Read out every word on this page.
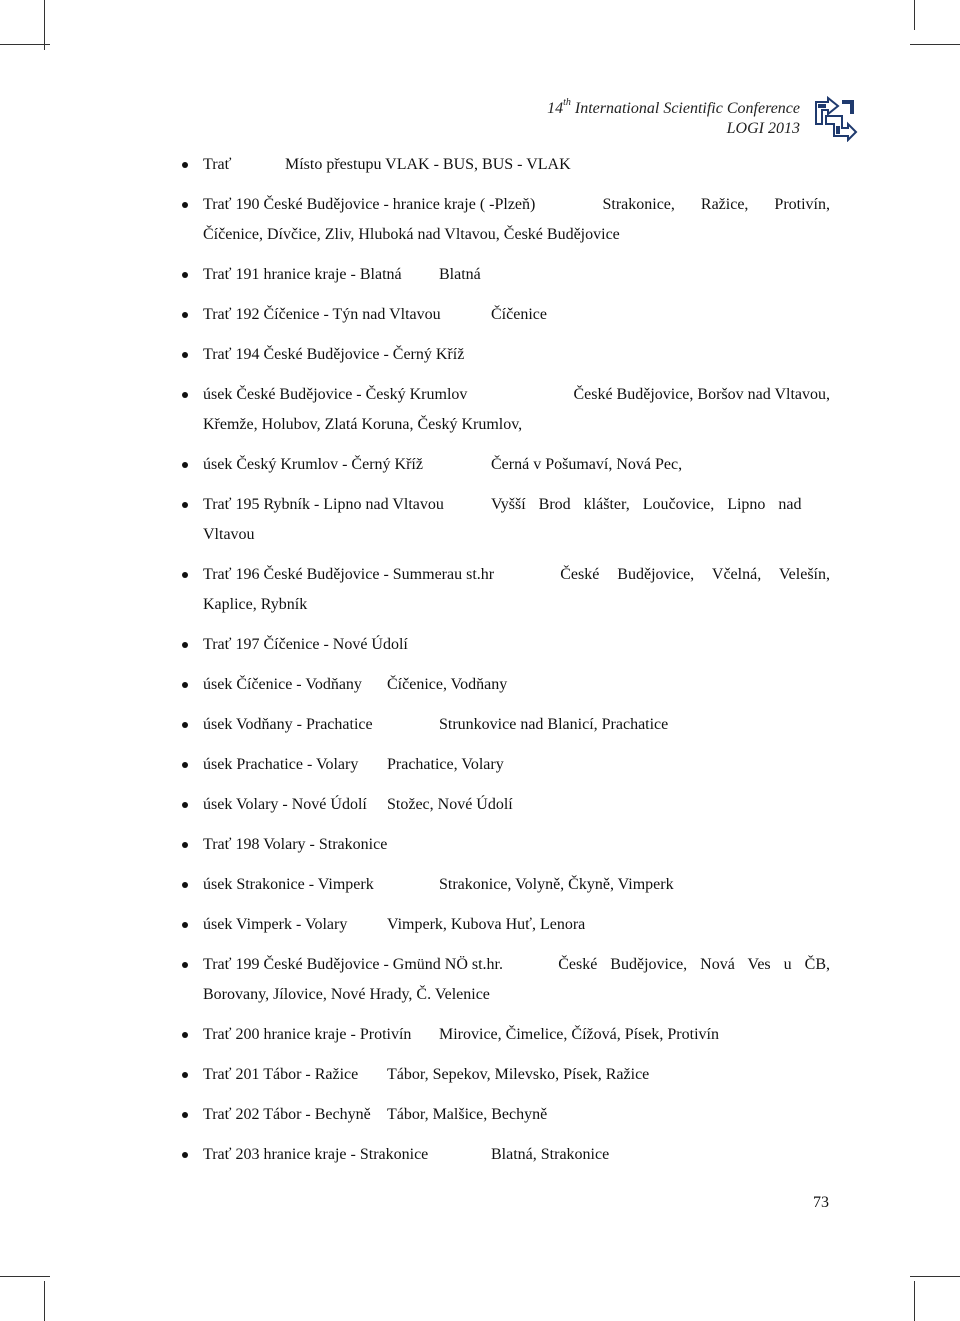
14th International Scientific Conference
LOGI 2013
Trať	Místo přestupu VLAK - BUS, BUS - VLAK
Trať 190 České Budějovice - hranice kraje ( -Plzeň)	Strakonice, Ražice, Protivín,
Číčenice, Dívčice, Zliv, Hluboká nad Vltavou, České Budějovice
Trať 191 hranice kraje - Blatná	Blatná
Trať 192 Číčenice - Týn nad Vltavou	Číčenice
Trať 194 České Budějovice - Černý Kříž
úsek České Budějovice - Český Krumlov	České Budějovice, Boršov nad Vltavou,
Křemže, Holubov, Zlatá Koruna, Český Krumlov,
úsek Český Krumlov - Černý Kříž	Černá v Pošumaví, Nová Pec,
Trať 195 Rybník - Lipno nad Vltavou	Vyšší Brod klášter, Loučovice, Lipno nad
Vltavou
Trať 196 České Budějovice - Summerau st.hr	České Budějovice, Včelná, Velešín,
Kaplice, Rybník
Trať 197 Číčenice - Nové Údolí
úsek Číčenice - Vodňany	Číčenice, Vodňany
úsek Vodňany - Prachatice	Strunkovice nad Blanicí, Prachatice
úsek Prachatice - Volary	Prachatice, Volary
úsek Volary - Nové Údolí	Stožec, Nové Údolí
Trať 198 Volary - Strakonice
úsek Strakonice - Vimperk	Strakonice, Volyně, Čkyně, Vimperk
úsek Vimperk - Volary	Vimperk, Kubova Huť, Lenora
Trať 199 České Budějovice - Gmünd NÖ st.hr.	České Budějovice, Nová Ves u ČB,
Borovany, Jílovice, Nové Hrady, Č. Velenice
Trať 200 hranice kraje - Protivín	Mirovice, Čimelice, Čížová, Písek, Protivín
Trať 201 Tábor - Ražice	Tábor, Sepekov, Milevsko, Písek, Ražice
Trať 202 Tábor - Bechyně	Tábor, Malšice, Bechyně
Trať 203 hranice kraje - Strakonice	Blatná, Strakonice
73
